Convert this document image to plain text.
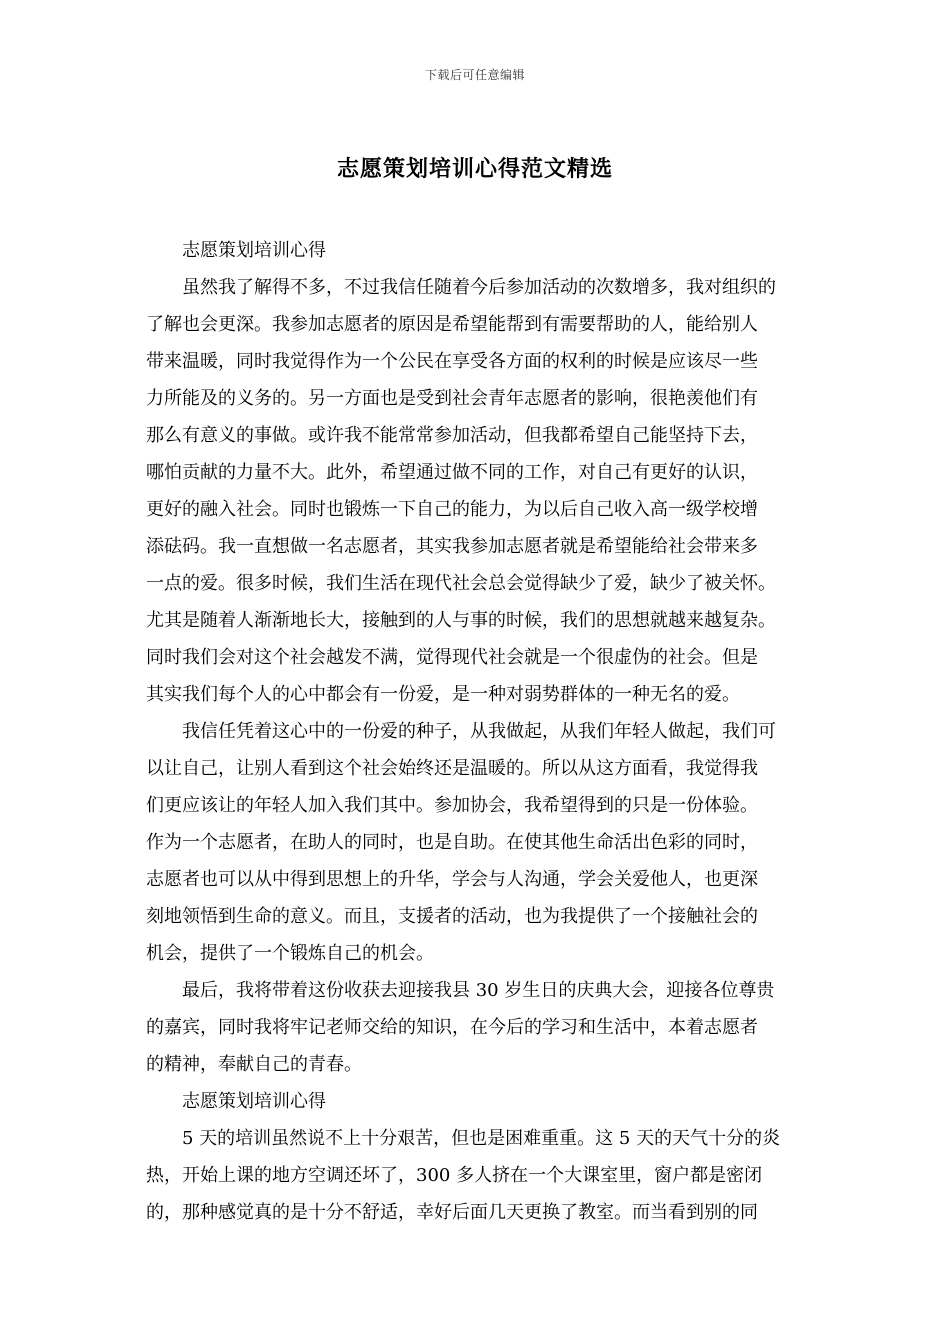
下载后可任意编辑
志愿策划培训心得范文精选

志愿策划培训心得

虽然我了解得不多，不过我信任随着今后参加活动的次数增多，我对组织的
了解也会更深。我参加志愿者的原因是希望能帮到有需要帮助的人，能给别人
带来温暖，同时我觉得作为一个公民在享受各方面的权利的时候是应该尽一些
力所能及的义务的。另一方面也是受到社会青年志愿者的影响，很艳羡他们有
那么有意义的事做。或许我不能常常参加活动，但我都希望自己能坚持下去，
哪怕贡献的力量不大。此外，希望通过做不同的工作，对自己有更好的认识，
更好的融入社会。同时也锻炼一下自己的能力，为以后自己收入高一级学校增
添砝码。我一直想做一名志愿者，其实我参加志愿者就是希望能给社会带来多
一点的爱。很多时候，我们生活在现代社会总会觉得缺少了爱，缺少了被关怀。
尤其是随着人渐渐地长大，接触到的人与事的时候，我们的思想就越来越复杂。
同时我们会对这个社会越发不满，觉得现代社会就是一个很虚伪的社会。但是
其实我们每个人的心中都会有一份爱，是一种对弱势群体的一种无名的爱。

我信任凭着这心中的一份爱的种子，从我做起，从我们年轻人做起，我们可
以让自己，让别人看到这个社会始终还是温暖的。所以从这方面看，我觉得我
们更应该让的年轻人加入我们其中。参加协会，我希望得到的只是一份体验。
作为一个志愿者，在助人的同时，也是自助。在使其他生命活出色彩的同时，
志愿者也可以从中得到思想上的升华，学会与人沟通，学会关爱他人，也更深
刻地领悟到生命的意义。而且，支援者的活动，也为我提供了一个接触社会的
机会，提供了一个锻炼自己的机会。

最后，我将带着这份收获去迎接我县 30 岁生日的庆典大会，迎接各位尊贵
的嘉宾，同时我将牢记老师交给的知识，在今后的学习和生活中，本着志愿者
的精神，奉献自己的青春。

志愿策划培训心得

5 天的培训虽然说不上十分艰苦，但也是困难重重。这 5 天的天气十分的炎
热，开始上课的地方空调还坏了，300 多人挤在一个大课室里，窗户都是密闭
的，那种感觉真的是十分不舒适，幸好后面几天更换了教室。而当看到别的同
